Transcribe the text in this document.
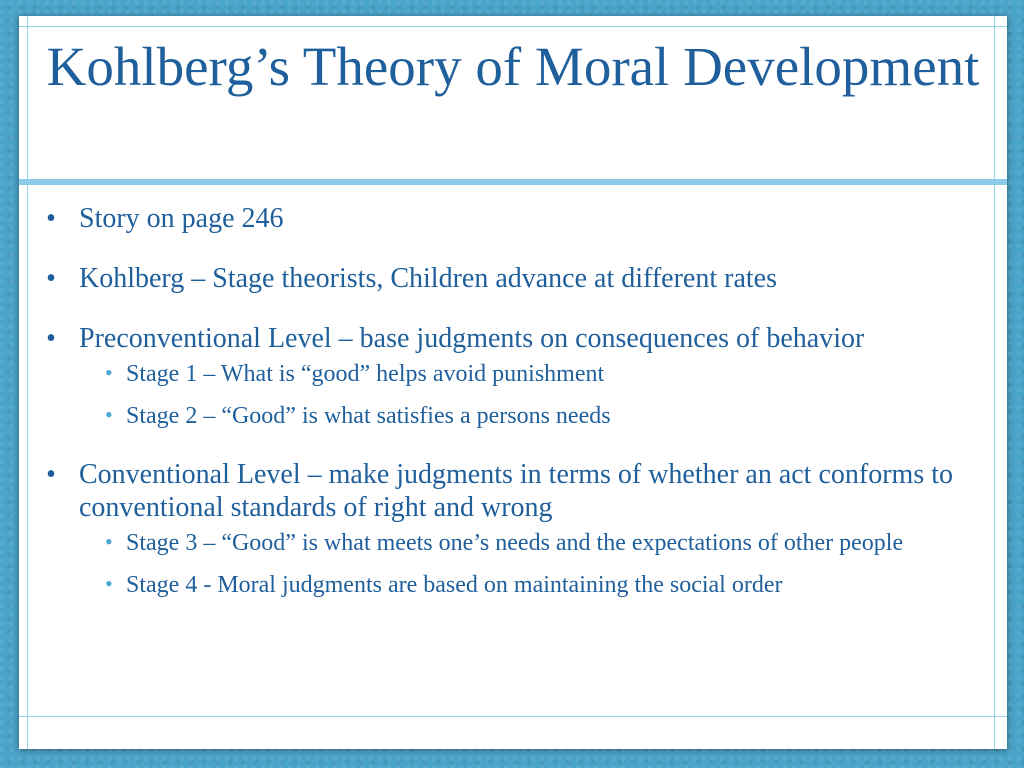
Kohlberg’s Theory of Moral Development
• Story on page 246
• Kohlberg – Stage theorists, Children advance at different rates
• Preconventional Level – base judgments on consequences of behavior
• Stage 1 – What is “good” helps avoid punishment
• Stage 2 – “Good” is what satisfies a persons needs
• Conventional Level – make judgments in terms of whether an act conforms to conventional standards of right and wrong
• Stage 3 – “Good” is what meets one’s needs and the expectations of other people
• Stage 4 - Moral judgments are based on maintaining the social order
